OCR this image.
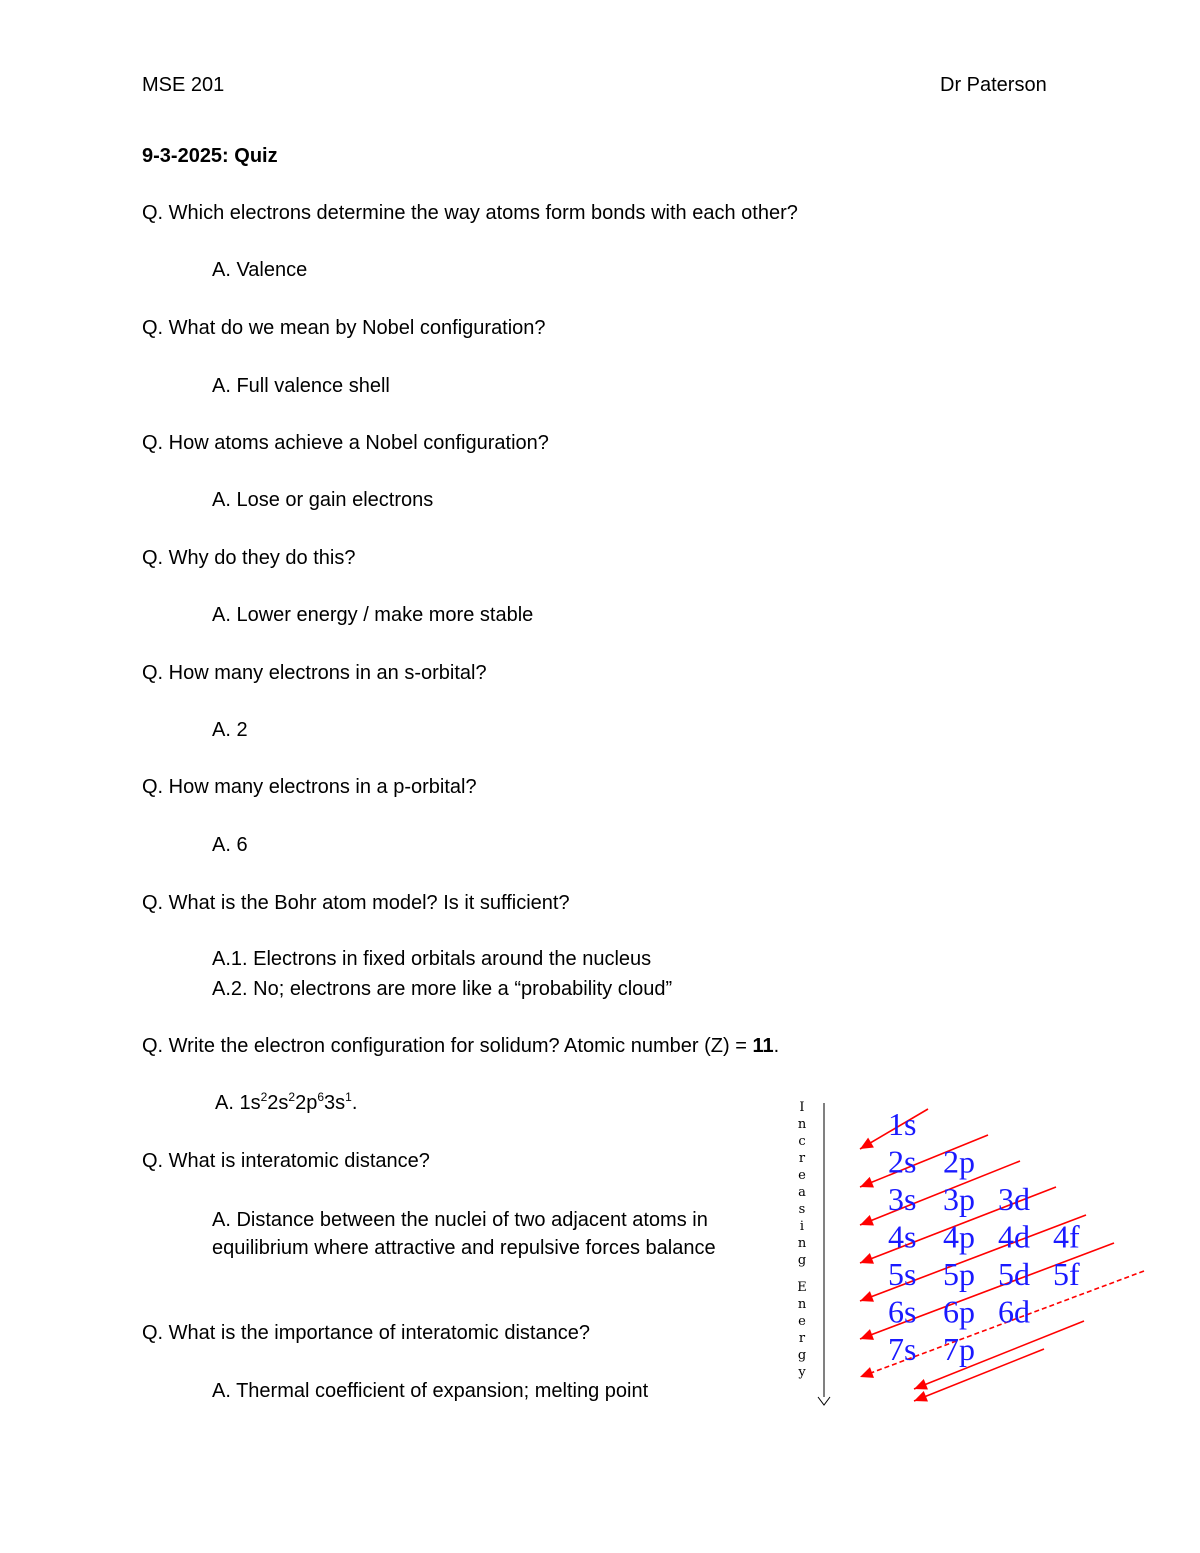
MSE 201	Dr Paterson
9-3-2025: Quiz
Q. Which electrons determine the way atoms form bonds with each other?
A. Valence
Q. What do we mean by Nobel configuration?
A. Full valence shell
Q. How atoms achieve a Nobel configuration?
A. Lose or gain electrons
Q. Why do they do this?
A. Lower energy / make more stable
Q. How many electrons in an s-orbital?
A. 2
Q. How many electrons in a p-orbital?
A. 6
Q. What is the Bohr atom model? Is it sufficient?
A.1. Electrons in fixed orbitals around the nucleus
A.2. No; electrons are more like a “probability cloud”
Q. Write the electron configuration for solidum? Atomic number (Z) = 11.
A. $1s^22s^22p^63s^1$.
Q. What is interatomic distance?
A. Distance between the nuclei of two adjacent atoms in equilibrium where attractive and repulsive forces balance
Q. What is the importance of interatomic distance?
A. Thermal coefficient of expansion; melting point
I
n
c
r
e
a
s
i
n
g
E
n
e
r
g
y
1s
2s 2p
3s 3p 3d
4s 4p 4d 4f
5s 5p 5d 5f
6s 6p 6d
7s 7p
